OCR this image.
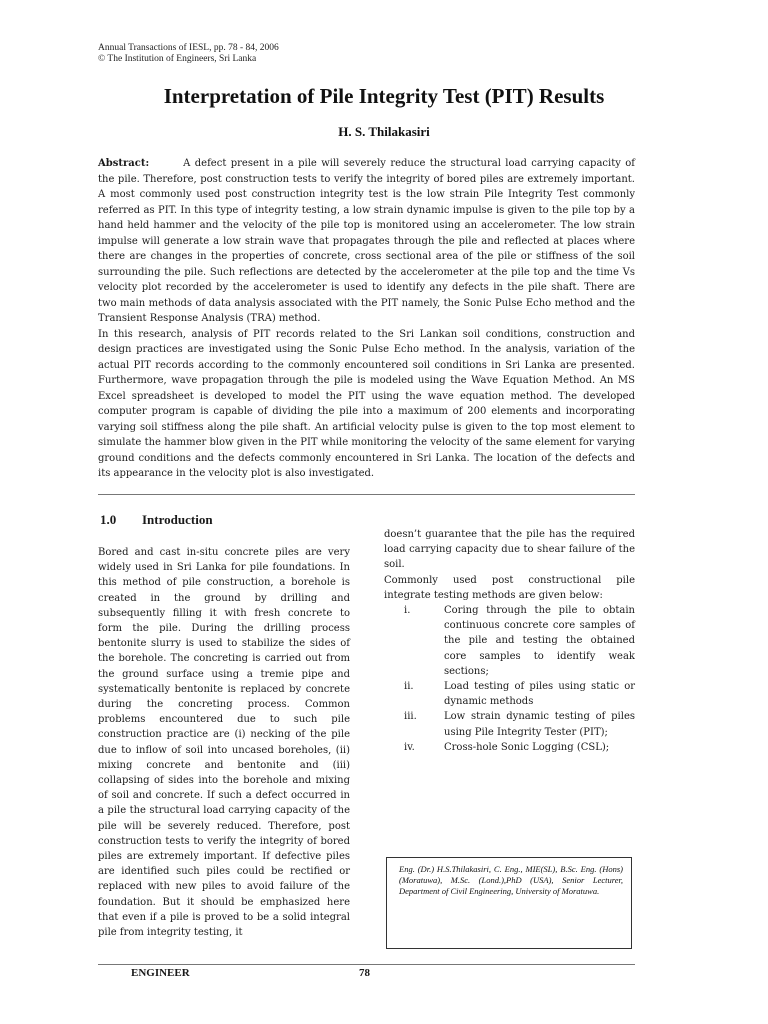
Annual Transactions of IESL, pp. 78 - 84, 2006
© The Institution of Engineers, Sri Lanka
Interpretation of Pile Integrity Test (PIT) Results
H. S. Thilakasiri

Abstract:	A defect present in a pile will severely reduce the structural load carrying capacity of the pile. Therefore, post construction tests to verify the integrity of bored piles are extremely important. A most commonly used post construction integrity test is the low strain Pile Integrity Test commonly referred as PIT. In this type of integrity testing, a low strain dynamic impulse is given to the pile top by a hand held hammer and the velocity of the pile top is monitored using an accelerometer. The low strain impulse will generate a low strain wave that propagates through the pile and reflected at places where there are changes in the properties of concrete, cross sectional area of the pile or stiffness of the soil surrounding the pile. Such reflections are detected by the accelerometer at the pile top and the time Vs velocity plot recorded by the accelerometer is used to identify any defects in the pile shaft. There are two main methods of data analysis associated with the PIT namely, the Sonic Pulse Echo method and the Transient Response Analysis (TRA) method.

In this research, analysis of PIT records related to the Sri Lankan soil conditions, construction and design practices are investigated using the Sonic Pulse Echo method. In the analysis, variation of the actual PIT records according to the commonly encountered soil conditions in Sri Lanka are presented. Furthermore, wave propagation through the pile is modeled using the Wave Equation Method. An MS Excel spreadsheet is developed to model the PIT using the wave equation method. The developed computer program is capable of dividing the pile into a maximum of 200 elements and incorporating varying soil stiffness along the pile shaft. An artificial velocity pulse is given to the top most element to simulate the hammer blow given in the PIT while monitoring the velocity of the same element for varying ground conditions and the defects commonly encountered in Sri Lanka. The location of the defects and its appearance in the velocity plot is also investigated.

1.0 Introduction

Bored and cast in-situ concrete piles are very widely used in Sri Lanka for pile foundations. In this method of pile construction, a borehole is created in the ground by drilling and subsequently filling it with fresh concrete to form the pile. During the drilling process bentonite slurry is used to stabilize the sides of the borehole. The concreting is carried out from the ground surface using a tremie pipe and systematically bentonite is replaced by concrete during the concreting process. Common problems encountered due to such pile construction practice are (i) necking of the pile due to inflow of soil into uncased boreholes, (ii) mixing concrete and bentonite and (iii) collapsing of sides into the borehole and mixing of soil and concrete. If such a defect occurred in a pile the structural load carrying capacity of the pile will be severely reduced. Therefore, post construction tests to verify the integrity of bored piles are extremely important. If defective piles are identified such piles could be rectified or replaced with new piles to avoid failure of the foundation. But it should be emphasized here that even if a pile is proved to be a solid integral pile from integrity testing, it

doesn’t guarantee that the pile has the required load carrying capacity due to shear failure of the soil.

Commonly used post constructional pile integrate testing methods are given below:

i.	Coring through the pile to obtain continuous concrete core samples of the pile and testing the obtained core samples to identify weak sections;
ii.	Load testing of piles using static or dynamic methods
iii.	Low strain dynamic testing of piles using Pile Integrity Tester (PIT);
iv.	Cross-hole Sonic Logging (CSL);
Eng. (Dr.) H.S.Thilakasiri, C. Eng., MIE(SL), B.Sc. Eng. (Hons) (Moratuwa), M.Sc. (Lond.),PhD (USA), Senior Lecturer, Department of Civil Engineering, University of Moratuwa.
ENGINEER	78
